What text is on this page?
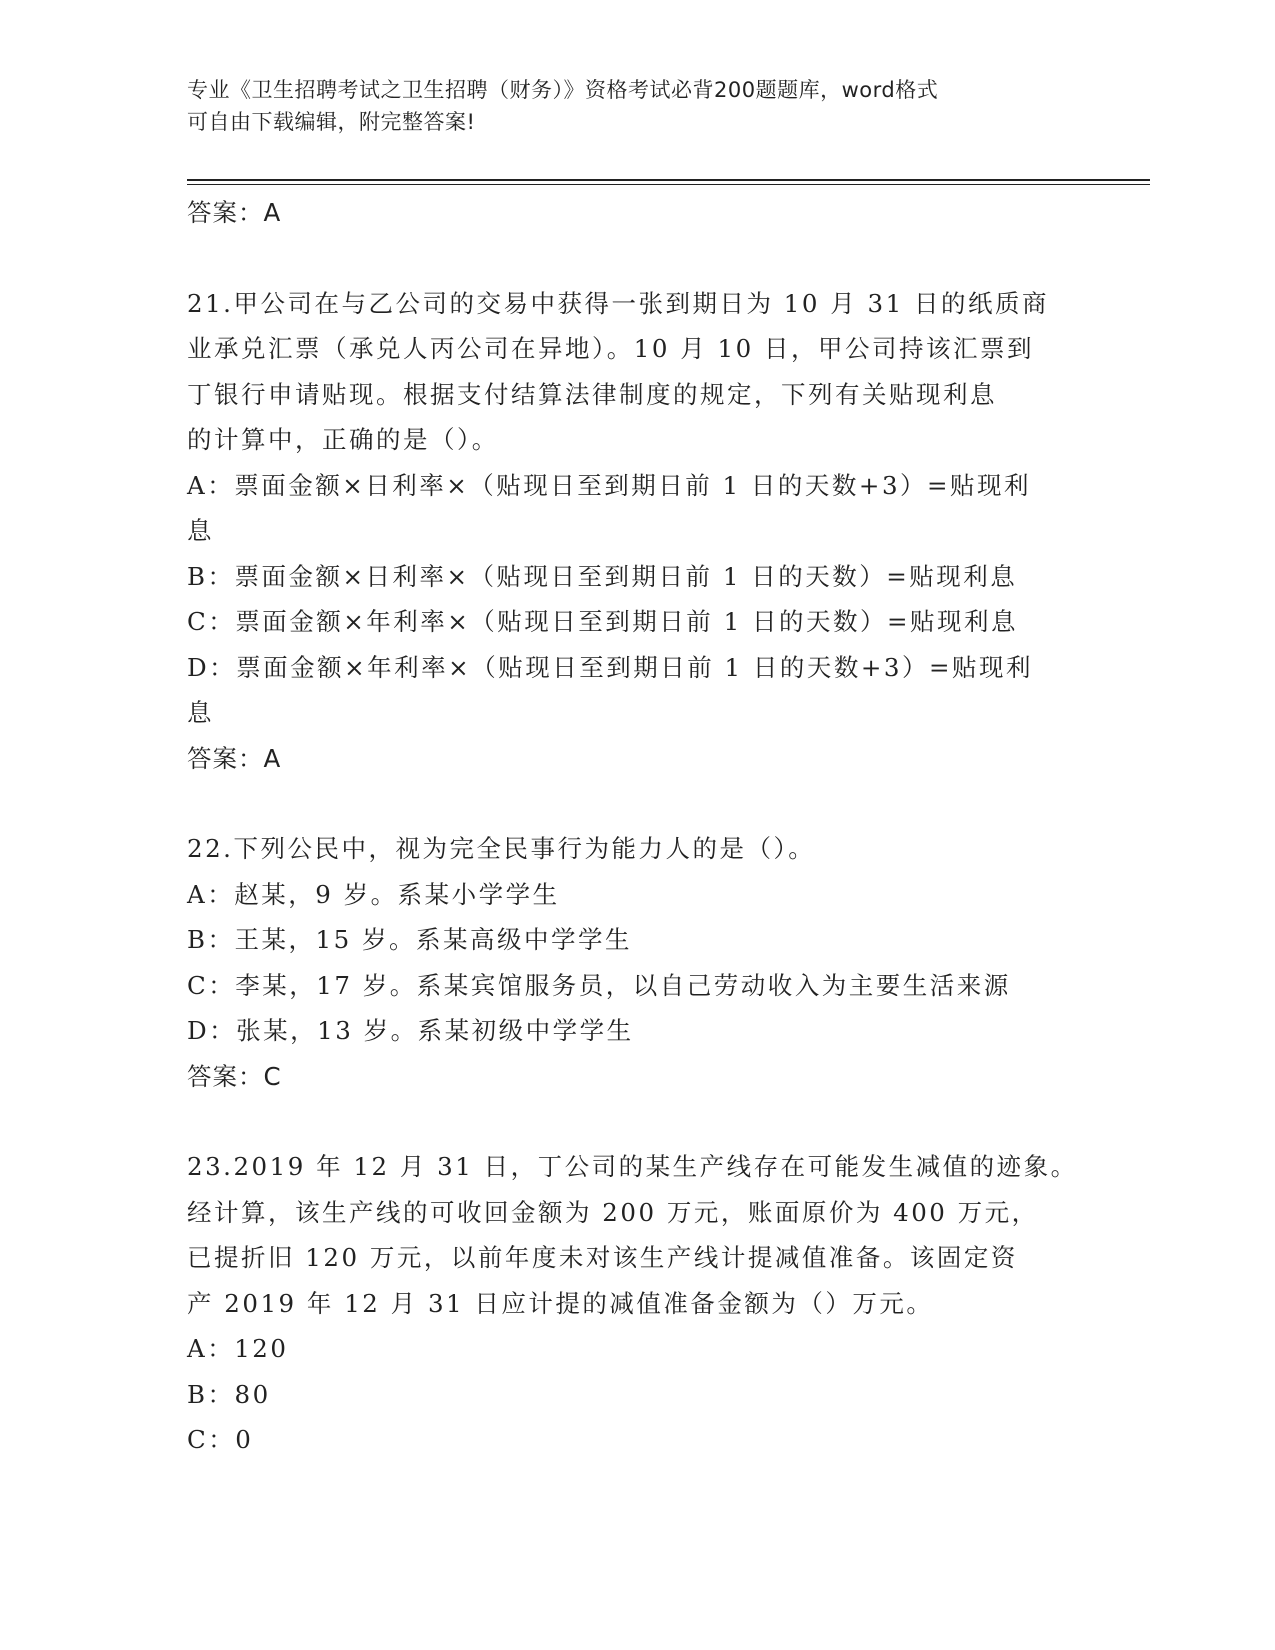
专业《卫生招聘考试之卫生招聘（财务）》资格考试必背200题题库，word格式
可自由下载编辑，附完整答案!
答案：A
21.甲公司在与乙公司的交易中获得一张到期日为 10 月 31 日的纸质商
业承兑汇票（承兑人丙公司在异地）。10 月 10 日，甲公司持该汇票到
丁银行申请贴现。根据支付结算法律制度的规定，下列有关贴现利息
的计算中，正确的是（）。
A：票面金额×日利率×（贴现日至到期日前 1 日的天数+3）=贴现利
息
B：票面金额×日利率×（贴现日至到期日前 1 日的天数）=贴现利息
C：票面金额×年利率×（贴现日至到期日前 1 日的天数）=贴现利息
D：票面金额×年利率×（贴现日至到期日前 1 日的天数+3）=贴现利
息
答案：A
22.下列公民中，视为完全民事行为能力人的是（）。
A：赵某，9 岁。系某小学学生
B：王某，15 岁。系某高级中学学生
C：李某，17 岁。系某宾馆服务员，以自己劳动收入为主要生活来源
D：张某，13 岁。系某初级中学学生
答案：C
23.2019 年 12 月 31 日，丁公司的某生产线存在可能发生减值的迹象。
经计算，该生产线的可收回金额为 200 万元，账面原价为 400 万元，
已提折旧 120 万元，以前年度未对该生产线计提减值准备。该固定资
产 2019 年 12 月 31 日应计提的减值准备金额为（）万元。
A：120
B：80
C：0
